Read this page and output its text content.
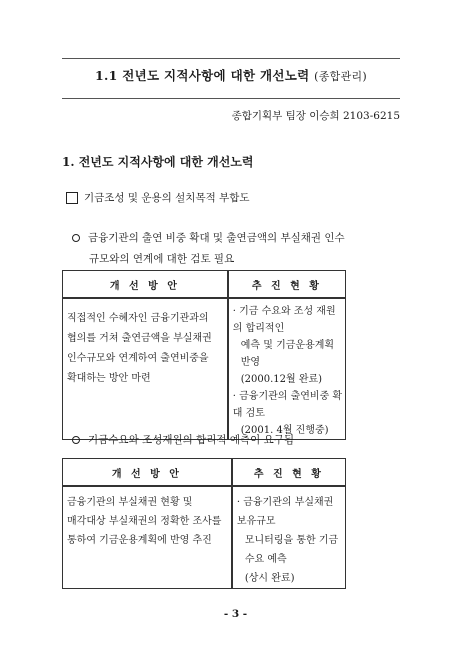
1.1 전년도 지적사항에 대한 개선노력 (종합관리)
종합기획부 팀장 이승희 2103-6215
1. 전년도 지적사항에 대한 개선노력
기금조성 및 운용의 설치목적 부합도
금융기관의 출연 비중 확대 및 출연금액의 부실채권 인수
규모와의 연계에 대한 검토 필요
개 선 방 안	추 진 현 황

직접적인 수혜자인 금융기관과의
협의를 거쳐 출연금액을 부실채권
인수규모와 연계하여 출연비중을
확대하는 방안 마련	· 기금 수요와 조성 재원의 합리적인
예측 및 기금운용계획 반영
(2000.12월 완료)
· 금융기관의 출연비중 확대 검토
(2001. 4월 진행중)
기금수요와 조성재원의 합리적 예측이 요구됨
개 선 방 안	추 진 현 황

금융기관의 부실채권 현황 및
매각대상 부실채권의 정확한 조사를
통하여 기금운용계획에 반영 추진	· 금융기관의 부실채권 보유규모
모니터링을 통한 기금수요 예측
(상시 완료)
- 3 -
